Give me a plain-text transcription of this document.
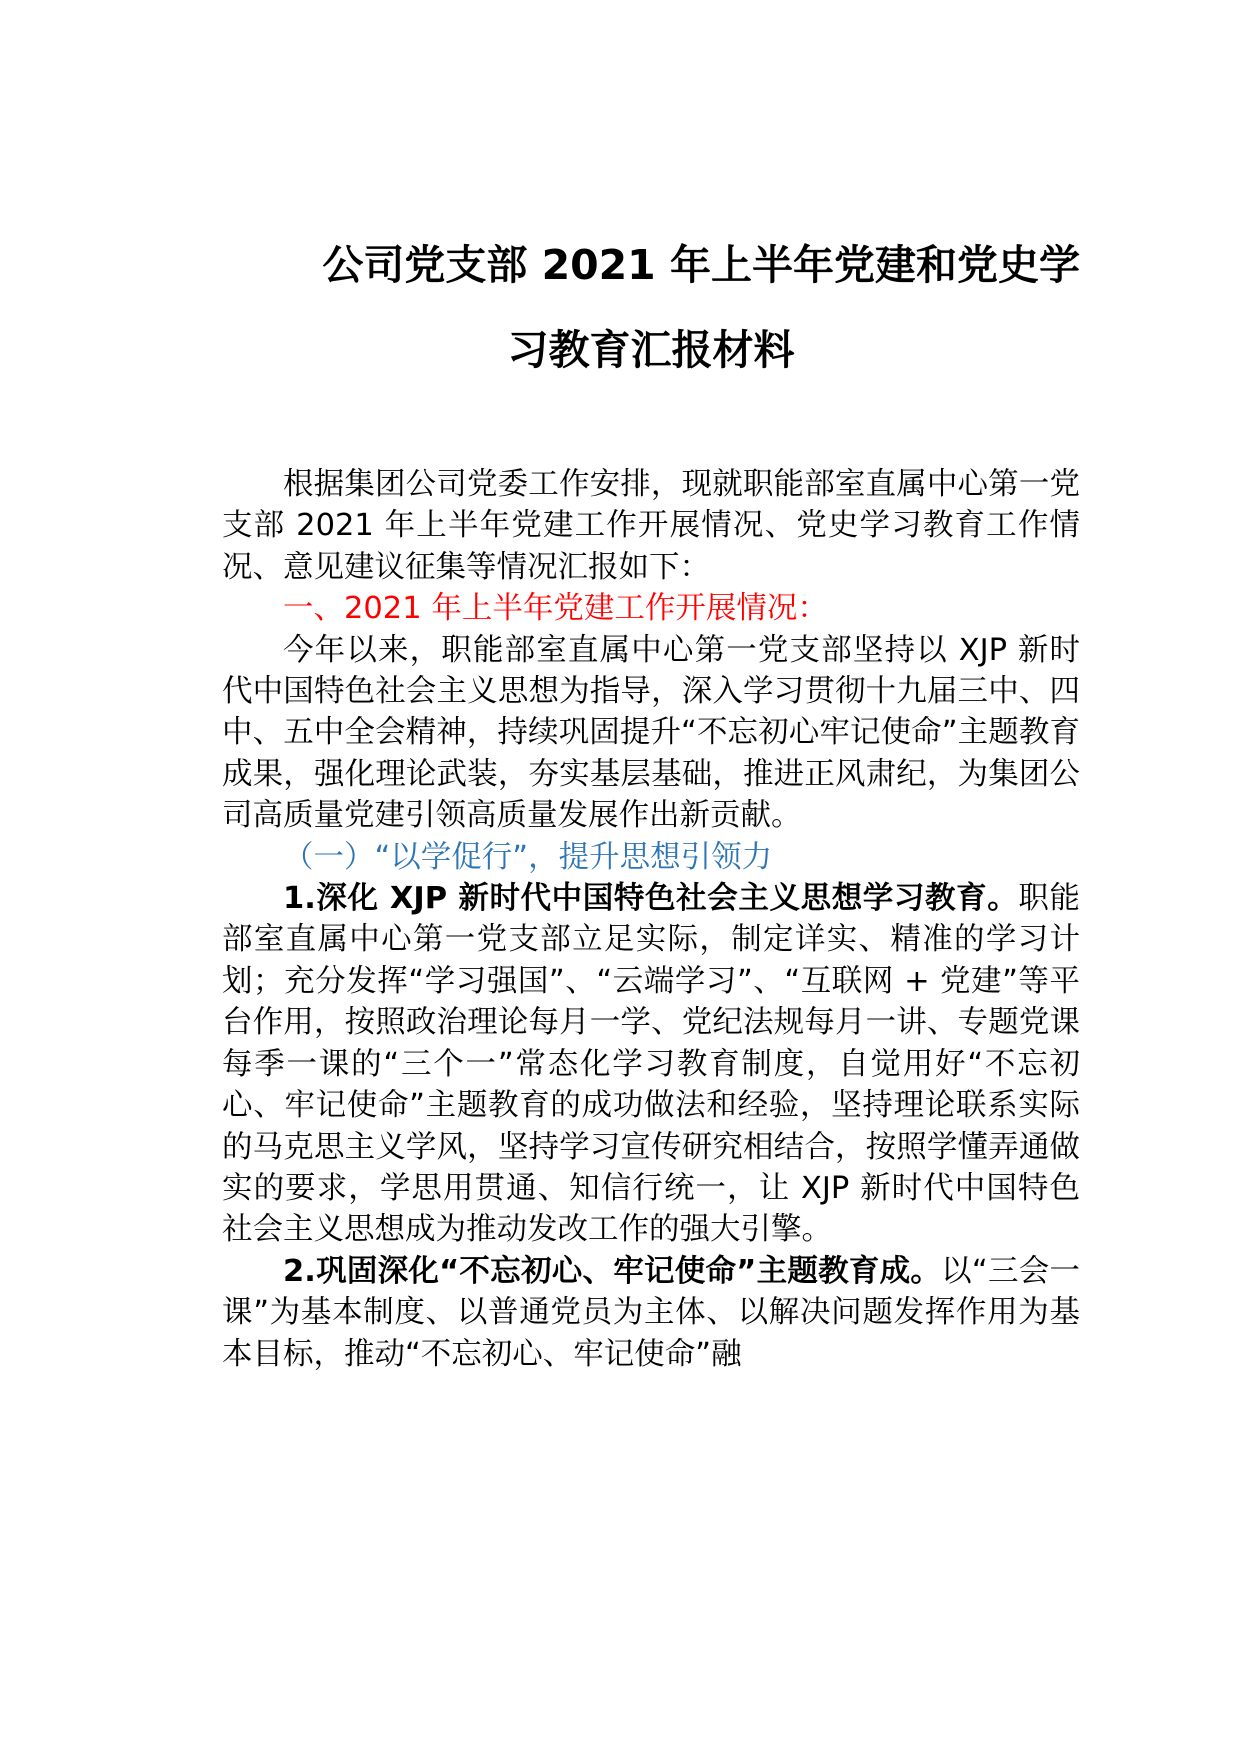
公司党支部 2021 年上半年党建和党史学
习教育汇报材料

根据集团公司党委工作安排，现就职能部室直属中心第一党支部 2021 年上半年党建工作开展情况、党史学习教育工作情况、意见建议征集等情况汇报如下：

一、2021 年上半年党建工作开展情况：

今年以来，职能部室直属中心第一党支部坚持以 XJP 新时代中国特色社会主义思想为指导，深入学习贯彻十九届三中、四中、五中全会精神，持续巩固提升“不忘初心牢记使命”主题教育成果，强化理论武装，夯实基层基础，推进正风肃纪，为集团公司高质量党建引领高质量发展作出新贡献。

（一）“以学促行”，提升思想引领力

1.深化 XJP 新时代中国特色社会主义思想学习教育。职能部室直属中心第一党支部立足实际，制定详实、精准的学习计划；充分发挥“学习强国”、“云端学习”、“互联网 + 党建”等平台作用，按照政治理论每月一学、党纪法规每月一讲、专题党课每季一课的“三个一”常态化学习教育制度，自觉用好“不忘初心、牢记使命”主题教育的成功做法和经验，坚持理论联系实际的马克思主义学风，坚持学习宣传研究相结合，按照学懂弄通做实的要求，学思用贯通、知信行统一，让 XJP 新时代中国特色社会主义思想成为推动发改工作的强大引擎。

2.巩固深化“不忘初心、牢记使命”主题教育成。以“三会一课”为基本制度、以普通党员为主体、以解决问题发挥作用为基本目标，推动“不忘初心、牢记使命”融
